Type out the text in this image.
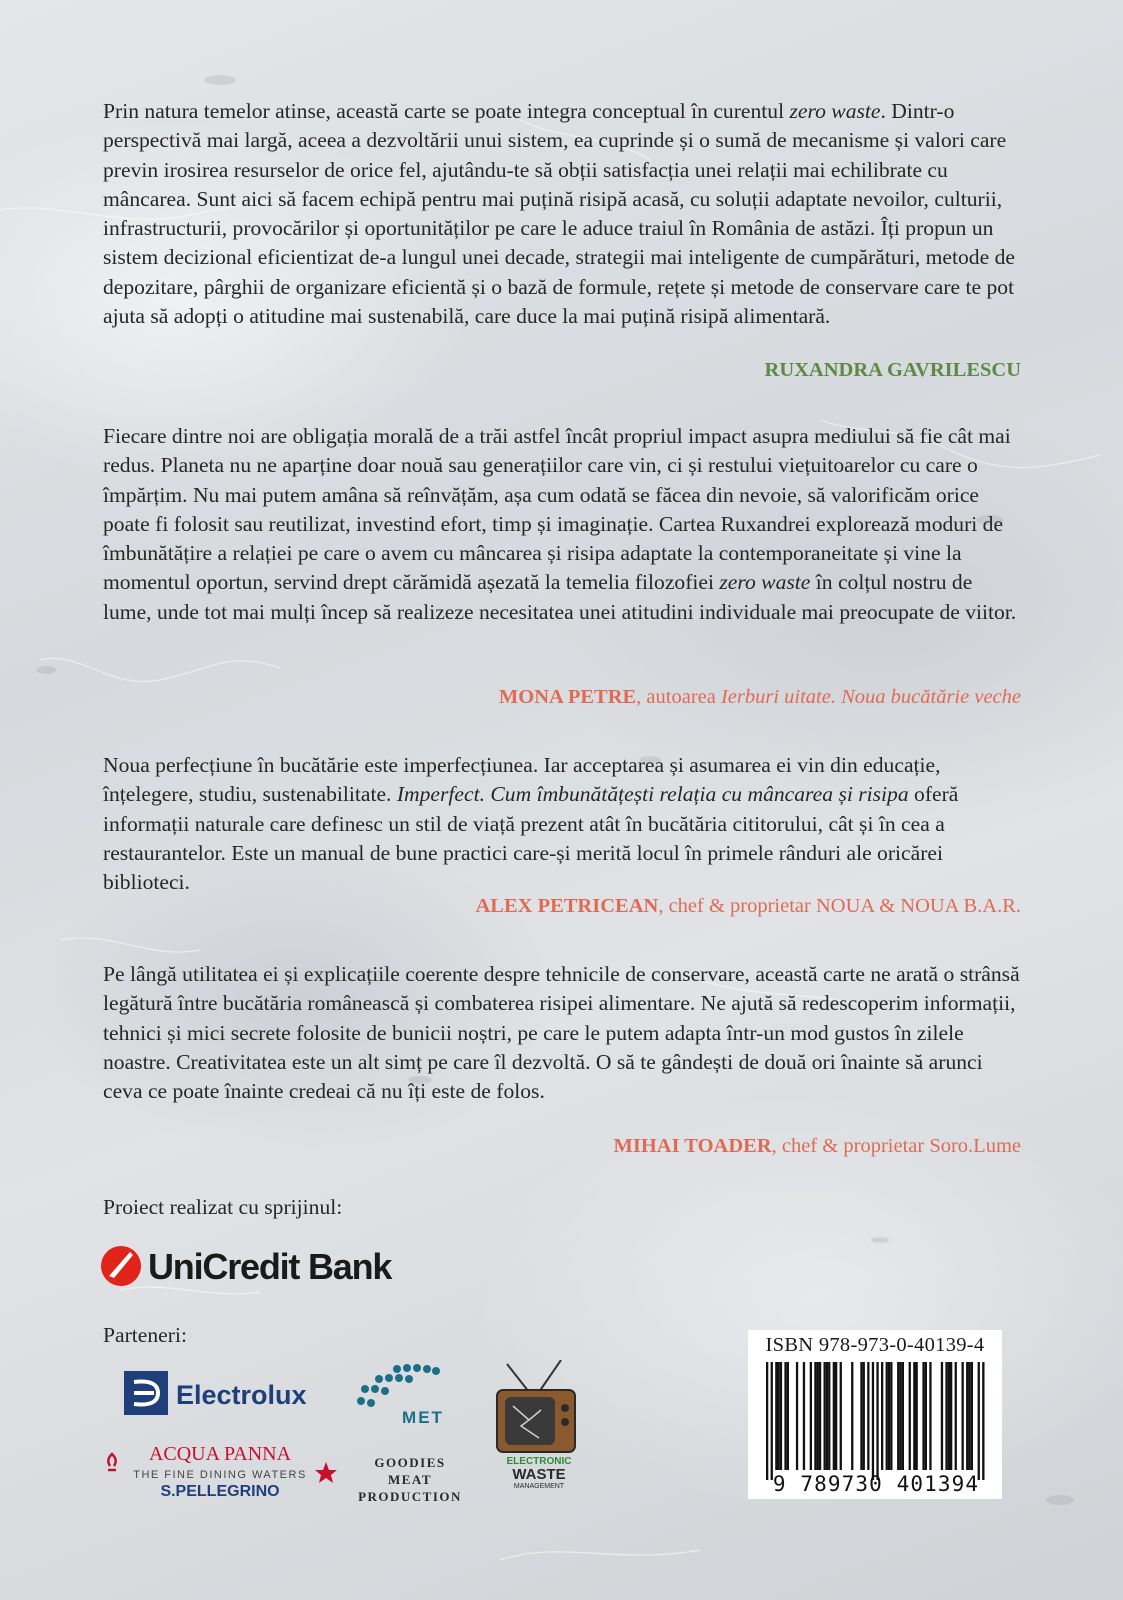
Prin natura temelor atinse, această carte se poate integra conceptual în curentul zero waste. Dintr-o perspectivă mai largă, aceea a dezvoltării unui sistem, ea cuprinde și o sumă de mecanisme și valori care previn irosirea resurselor de orice fel, ajutându-te să obții satisfacția unei relații mai echilibrate cu mâncarea. Sunt aici să facem echipă pentru mai puțină risipă acasă, cu soluții adaptate nevoilor, culturii, infrastructurii, provocărilor și oportunităților pe care le aduce traiul în România de astăzi. Îți propun un sistem decizional eficientizat de-a lungul unei decade, strategii mai inteligente de cumpărături, metode de depozitare, pârghii de organizare eficientă și o bază de formule, rețete și metode de conservare care te pot ajuta să adopți o atitudine mai sustenabilă, care duce la mai puțină risipă alimentară.

RUXANDRA GAVRILESCU

Fiecare dintre noi are obligația morală de a trăi astfel încât propriul impact asupra mediului să fie cât mai redus. Planeta nu ne aparține doar nouă sau generațiilor care vin, ci și restului viețuitoarelor cu care o împărțim. Nu mai putem amâna să reînvățăm, așa cum odată se făcea din nevoie, să valorificăm orice poate fi folosit sau reutilizat, investind efort, timp și imaginație. Cartea Ruxandrei explorează moduri de îmbunătățire a relației pe care o avem cu mâncarea și risipa adaptate la contemporaneitate și vine la momentul oportun, servind drept cărămidă așezată la temelia filozofiei zero waste în colțul nostru de lume, unde tot mai mulți încep să realizeze necesitatea unei atitudini individuale mai preocupate de viitor.

MONA PETRE, autoarea Ierburi uitate. Noua bucătărie veche

Noua perfecțiune în bucătărie este imperfecțiunea. Iar acceptarea și asumarea ei vin din educație, înțelegere, studiu, sustenabilitate. Imperfect. Cum îmbunătățești relația cu mâncarea și risipa oferă informații naturale care definesc un stil de viață prezent atât în bucătăria cititorului, cât și în cea a restaurantelor. Este un manual de bune practici care-și merită locul în primele rânduri ale oricărei biblioteci.

ALEX PETRICEAN, chef & proprietar NOUA & NOUA B.A.R.

Pe lângă utilitatea ei și explicațiile coerente despre tehnicile de conservare, această carte ne arată o strânsă legătură între bucătăria românească și combaterea risipei alimentare. Ne ajută să redescoperim informații, tehnici și mici secrete folosite de bunicii noștri, pe care le putem adapta într-un mod gustos în zilele noastre. Creativitatea este un alt simț pe care îl dezvoltă. O să te gândești de două ori înainte să arunci ceva ce poate înainte credeai că nu îți este de folos.

MIHAI TOADER, chef & proprietar Soro.Lume
Proiect realizat cu sprijinul:
UniCredit Bank
Parteneri:
Electrolux
MET
ELECTRONIC
WASTE
MANAGEMENT
ACQUA PANNA
THE FINE DINING WATERS
S.PELLEGRINO
GOODIES
MEAT
PRODUCTION
ISBN 978-973-0-40139-4
9 789730 401394
